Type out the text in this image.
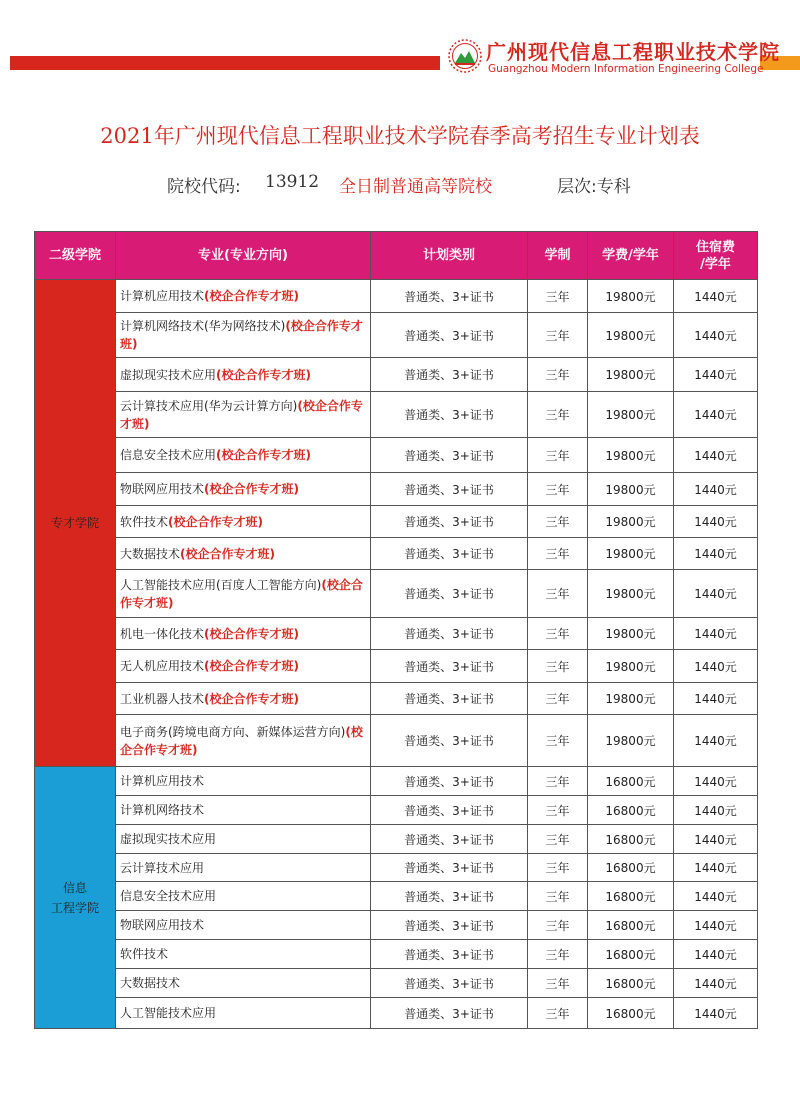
广州现代信息工程职业技术学院
Guangzhou Modern Information Engineering College
2021年广州现代信息工程职业技术学院春季高考招生专业计划表
院校代码: 13912 全日制普通高等院校	层次:专科
二级学院	专业(专业方向)	计划类别	学制	学费/学年	住宿费
/学年
专才学院	计算机应用技术(校企合作专才班)	普通类、3+证书	三年	19800元	1440元
	计算机网络技术(华为网络技术)(校企合作专才班)	普通类、3+证书	三年	19800元	1440元
	虚拟现实技术应用(校企合作专才班)	普通类、3+证书	三年	19800元	1440元
	云计算技术应用(华为云计算方向)(校企合作专才班)	普通类、3+证书	三年	19800元	1440元
	信息安全技术应用(校企合作专才班)	普通类、3+证书	三年	19800元	1440元
	物联网应用技术(校企合作专才班)	普通类、3+证书	三年	19800元	1440元
	软件技术(校企合作专才班)	普通类、3+证书	三年	19800元	1440元
	大数据技术(校企合作专才班)	普通类、3+证书	三年	19800元	1440元
	人工智能技术应用(百度人工智能方向)(校企合作专才班)	普通类、3+证书	三年	19800元	1440元
	机电一体化技术(校企合作专才班)	普通类、3+证书	三年	19800元	1440元
	无人机应用技术(校企合作专才班)	普通类、3+证书	三年	19800元	1440元
	工业机器人技术(校企合作专才班)	普通类、3+证书	三年	19800元	1440元
	电子商务(跨境电商方向、新媒体运营方向)(校企合作专才班)	普通类、3+证书	三年	19800元	1440元
信息
工程学院	计算机应用技术	普通类、3+证书	三年	16800元	1440元
	计算机网络技术	普通类、3+证书	三年	16800元	1440元
	虚拟现实技术应用	普通类、3+证书	三年	16800元	1440元
	云计算技术应用	普通类、3+证书	三年	16800元	1440元
	信息安全技术应用	普通类、3+证书	三年	16800元	1440元
	物联网应用技术	普通类、3+证书	三年	16800元	1440元
	软件技术	普通类、3+证书	三年	16800元	1440元
	大数据技术	普通类、3+证书	三年	16800元	1440元
	人工智能技术应用	普通类、3+证书	三年	16800元	1440元
